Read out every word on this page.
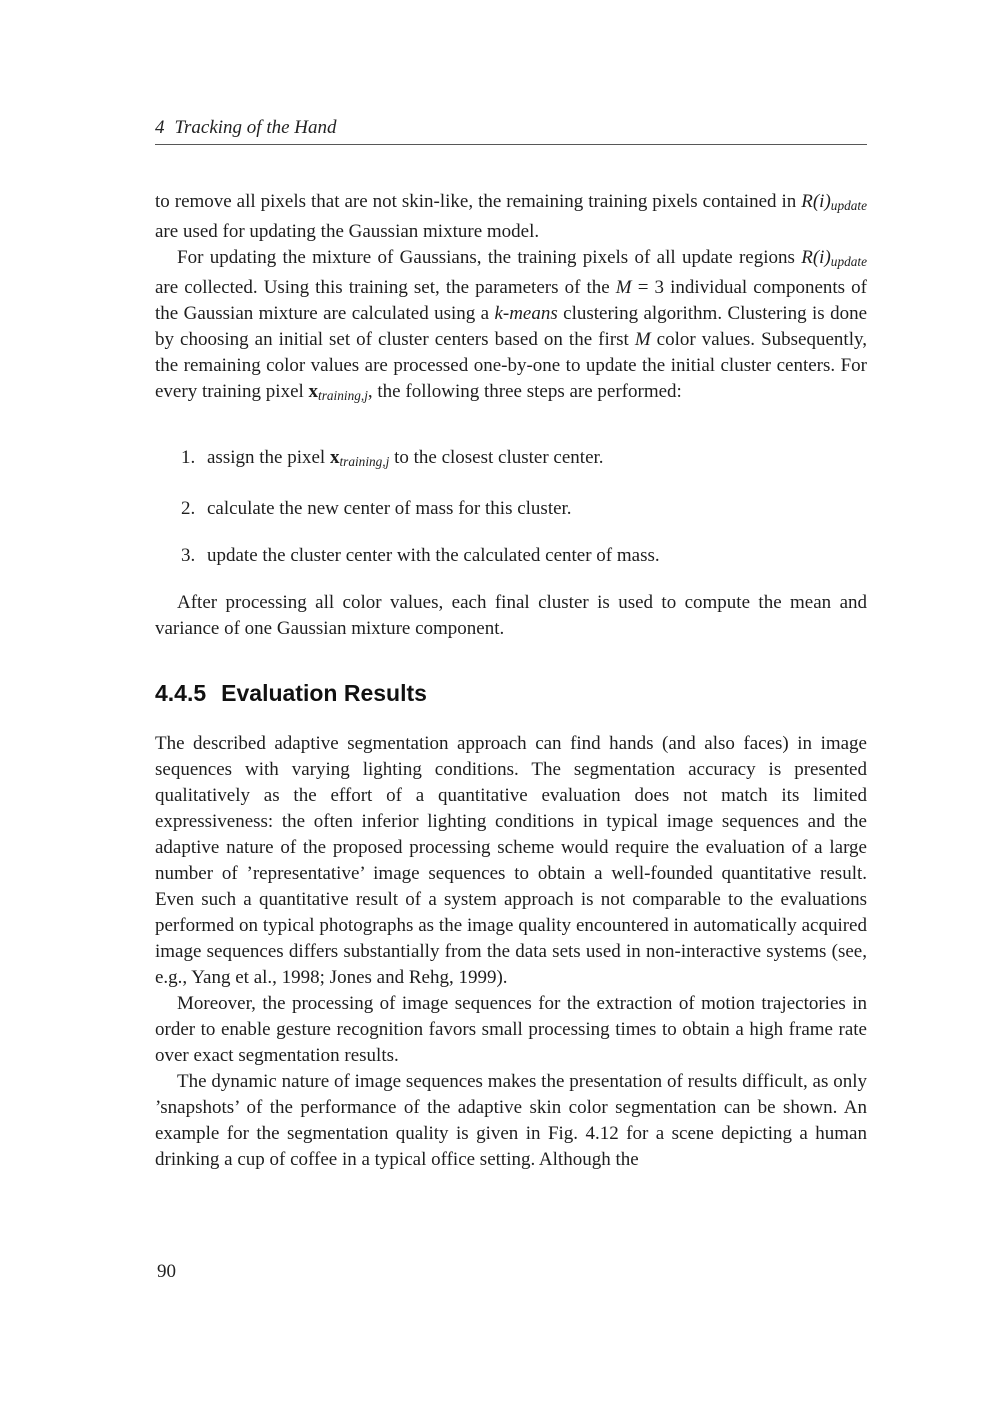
4 Tracking of the Hand

to remove all pixels that are not skin-like, the remaining training pixels contained in R(i)update are used for updating the Gaussian mixture model.

For updating the mixture of Gaussians, the training pixels of all update regions R(i)update are collected. Using this training set, the parameters of the M = 3 individual components of the Gaussian mixture are calculated using a k-means clustering algorithm. Clustering is done by choosing an initial set of cluster centers based on the first M color values. Subsequently, the remaining color values are processed one-by-one to update the initial cluster centers. For every training pixel xtraining,j, the following three steps are performed:

1. assign the pixel xtraining,j to the closest cluster center.
2. calculate the new center of mass for this cluster.
3. update the cluster center with the calculated center of mass.

After processing all color values, each final cluster is used to compute the mean and variance of one Gaussian mixture component.

4.4.5 Evaluation Results

The described adaptive segmentation approach can find hands (and also faces) in image sequences with varying lighting conditions. The segmentation accuracy is presented qualitatively as the effort of a quantitative evaluation does not match its limited expressiveness: the often inferior lighting conditions in typical image sequences and the adaptive nature of the proposed processing scheme would require the evaluation of a large number of ’representative’ image sequences to obtain a well-founded quantitative result. Even such a quantitative result of a system approach is not comparable to the evaluations performed on typical photographs as the image quality encountered in automatically acquired image sequences differs substantially from the data sets used in non-interactive systems (see, e.g., Yang et al., 1998; Jones and Rehg, 1999).

Moreover, the processing of image sequences for the extraction of motion trajectories in order to enable gesture recognition favors small processing times to obtain a high frame rate over exact segmentation results.

The dynamic nature of image sequences makes the presentation of results difficult, as only ’snapshots’ of the performance of the adaptive skin color segmentation can be shown. An example for the segmentation quality is given in Fig. 4.12 for a scene depicting a human drinking a cup of coffee in a typical office setting. Although the

90
